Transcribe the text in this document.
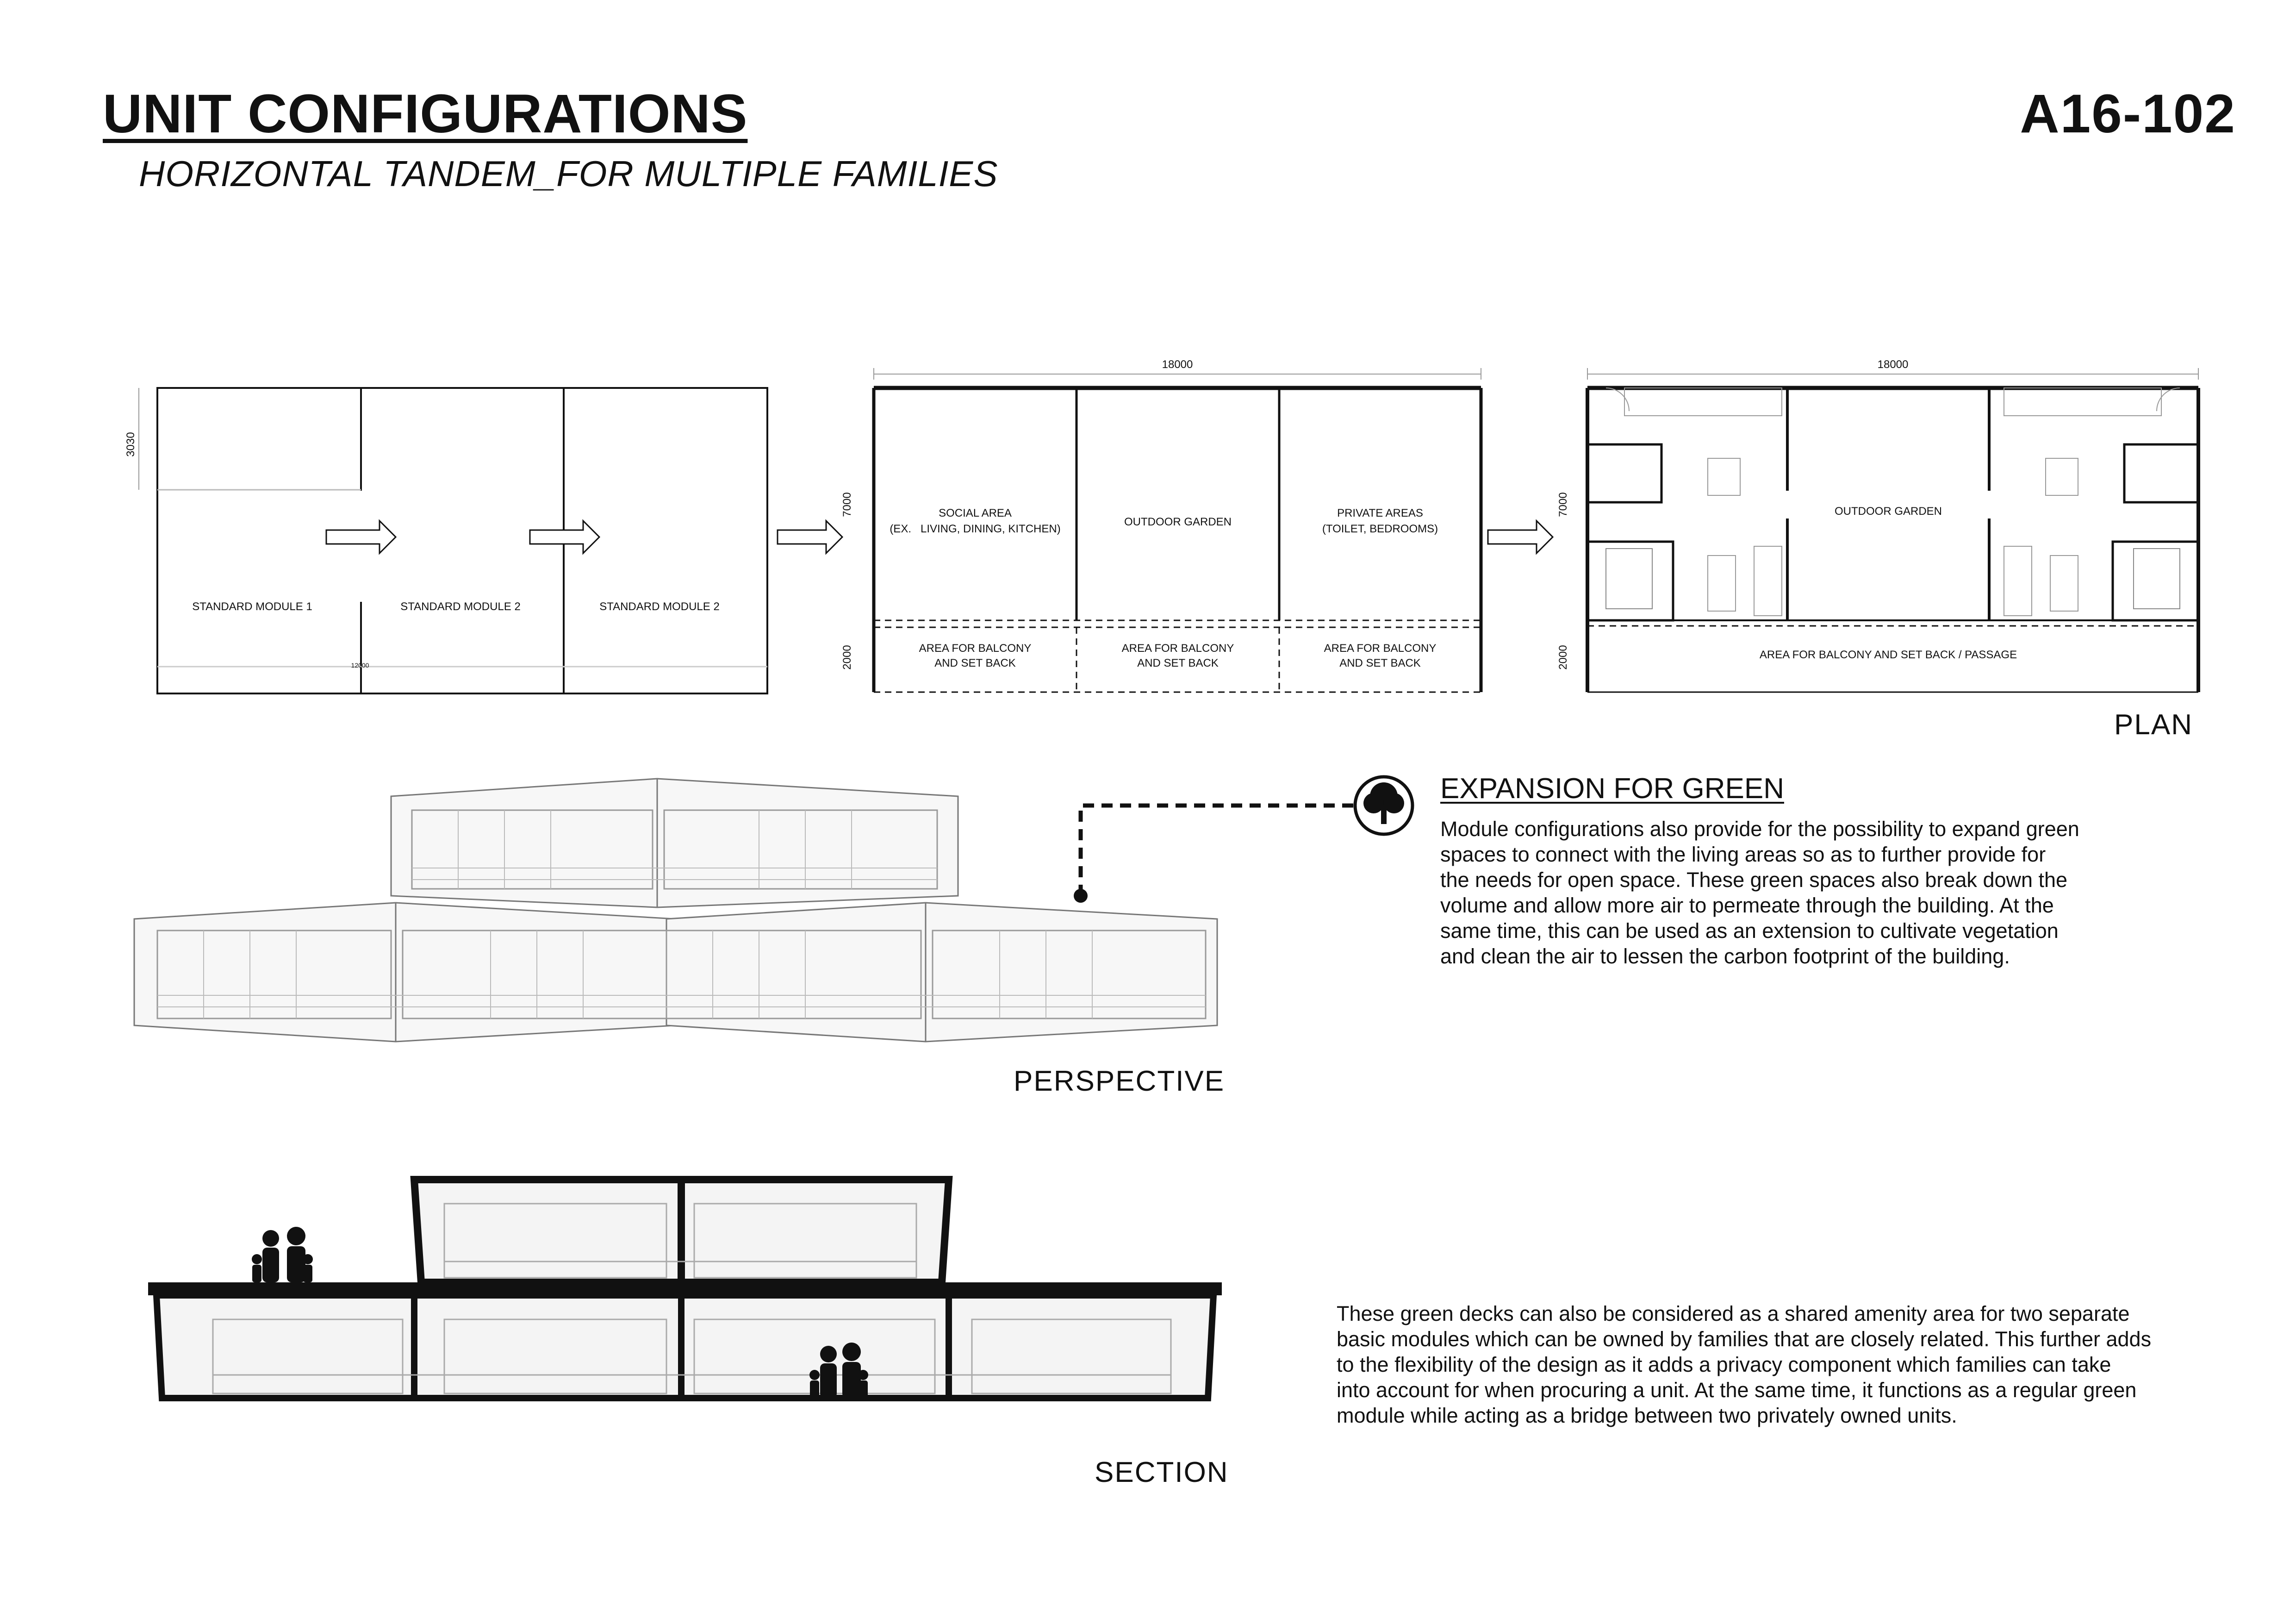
UNIT CONFIGURATIONS	A16-102
HORIZONTAL TANDEM_FOR MULTIPLE FAMILIES
3030
12000
STANDARD MODULE 1	STANDARD MODULE 2	STANDARD MODULE 2
18000
7000
2000
SOCIAL AREA
(EX.   LIVING, DINING, KITCHEN)
OUTDOOR GARDEN
PRIVATE AREAS
(TOILET, BEDROOMS)
AREA FOR BALCONY
AND SET BACK
AREA FOR BALCONY
AND SET BACK
AREA FOR BALCONY
AND SET BACK
18000
7000
2000
OUTDOOR GARDEN
AREA FOR BALCONY AND SET BACK / PASSAGE
PLAN
PERSPECTIVE
EXPANSION FOR GREEN
Module configurations also provide for the possibility to expand green
spaces to connect with the living areas so as to further provide for
the needs for open space. These green spaces also break down the
volume and allow more air to permeate through the building. At the
same time, this can be used as an extension to cultivate vegetation
and clean the air to lessen the carbon footprint of the building.
SECTION
These green decks can also be considered as a shared amenity area for two separate
basic modules which can be owned by families that are closely related. This further adds
to the flexibility of the design as it adds a privacy component which families can take
into account for when procuring a unit. At the same time, it functions as a regular green
module while acting as a bridge between two privately owned units.
